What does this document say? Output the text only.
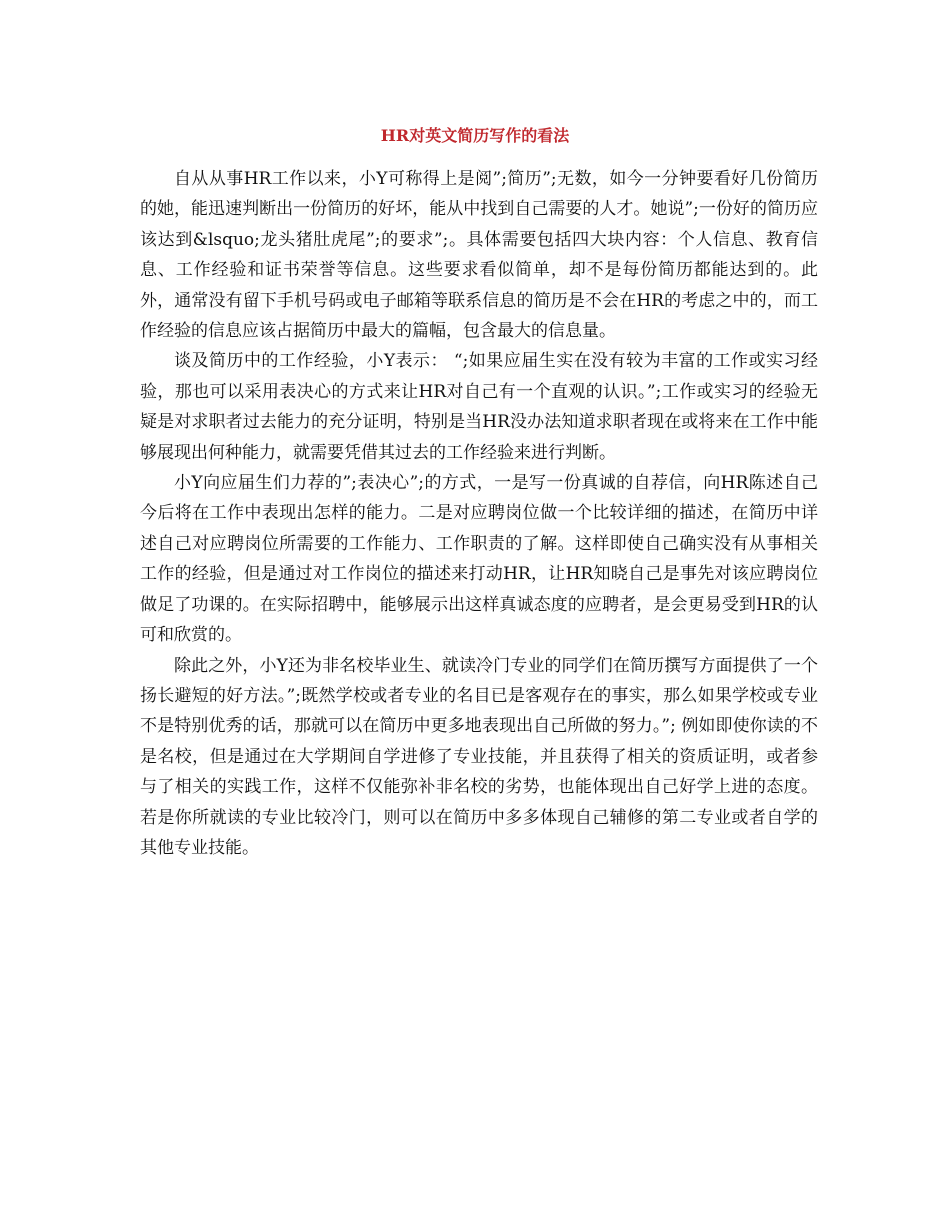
HR对英文简历写作的看法

自从从事HR工作以来，小Y可称得上是阅”;简历”;无数，如今一分钟要看好几份简历的她，能迅速判断出一份简历的好坏，能从中找到自己需要的人才。她说”;一份好的简历应该达到&lsquo;龙头猪肚虎尾”;的要求”;。具体需要包括四大块内容：个人信息、教育信息、工作经验和证书荣誉等信息。这些要求看似简单，却不是每份简历都能达到的。此外，通常没有留下手机号码或电子邮箱等联系信息的简历是不会在HR的考虑之中的，而工作经验的信息应该占据简历中最大的篇幅，包含最大的信息量。

谈及简历中的工作经验，小Y表示： “;如果应届生实在没有较为丰富的工作或实习经验，那也可以采用表决心的方式来让HR对自己有一个直观的认识。”;工作或实习的经验无疑是对求职者过去能力的充分证明，特别是当HR没办法知道求职者现在或将来在工作中能够展现出何种能力，就需要凭借其过去的工作经验来进行判断。

小Y向应届生们力荐的”;表决心”;的方式，一是写一份真诚的自荐信，向HR陈述自己今后将在工作中表现出怎样的能力。二是对应聘岗位做一个比较详细的描述，在简历中详述自己对应聘岗位所需要的工作能力、工作职责的了解。这样即使自己确实没有从事相关工作的经验，但是通过对工作岗位的描述来打动HR，让HR知晓自己是事先对该应聘岗位做足了功课的。在实际招聘中，能够展示出这样真诚态度的应聘者，是会更易受到HR的认可和欣赏的。

除此之外，小Y还为非名校毕业生、就读冷门专业的同学们在简历撰写方面提供了一个扬长避短的好方法。”;既然学校或者专业的名目已是客观存在的事实，那么如果学校或专业不是特别优秀的话，那就可以在简历中更多地表现出自己所做的努力。”; 例如即使你读的不是名校，但是通过在大学期间自学进修了专业技能，并且获得了相关的资质证明，或者参与了相关的实践工作，这样不仅能弥补非名校的劣势，也能体现出自己好学上进的态度。若是你所就读的专业比较冷门，则可以在简历中多多体现自己辅修的第二专业或者自学的其他专业技能。
